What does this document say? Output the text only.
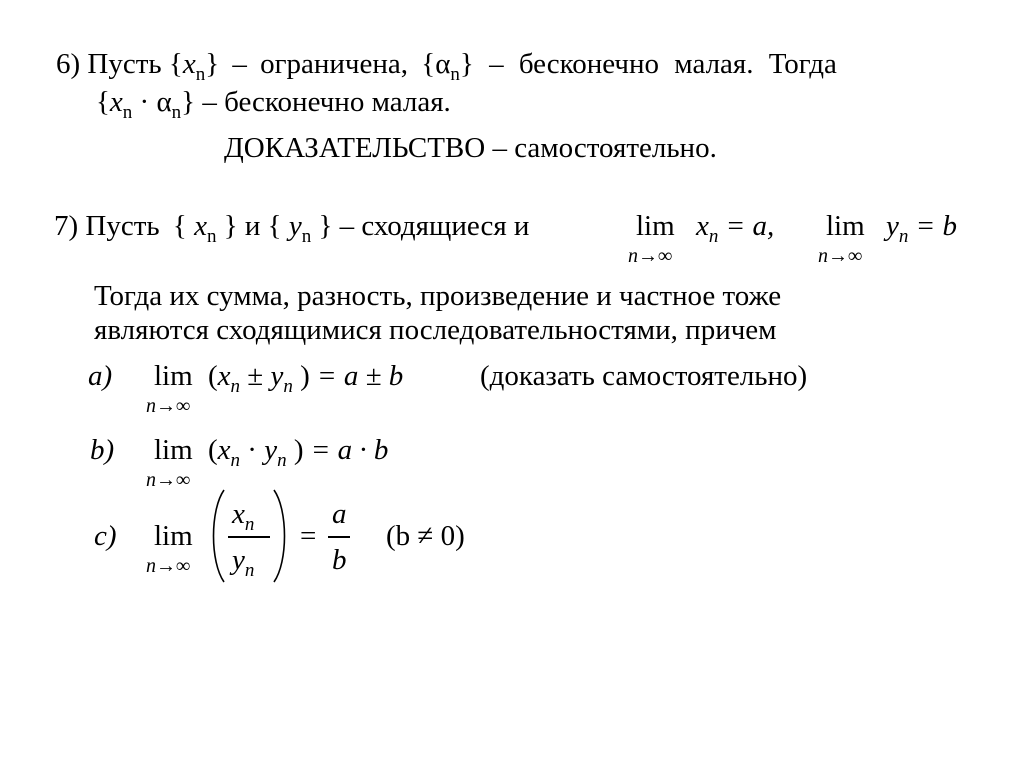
6) Пусть $\{x_n\}$ – ограничена, $\{\alpha_n\}$ – бесконечно малая. Тогда
$\{x_n \cdot \alpha_n\}$ – бесконечно малая.
ДОКАЗАТЕЛЬСТВО – самостоятельно.
7) Пусть { $x_n$ } и { $y_n$ } – сходящиеся и	lim
n→∞
$x_n = a$, lim
n→∞
$y_n = b$
Тогда их сумма, разность, произведение и частное тоже
являются сходящимися последовательностями, причем
a) lim
n→∞
($x_n \pm y_n$ ) = a ± b	(доказать самостоятельно)
b) lim
n→∞
($x_n \cdot y_n$ ) = a · b
c) lim
n→∞
$x_n$
$y_n$
=
a
b
(b ≠ 0)
